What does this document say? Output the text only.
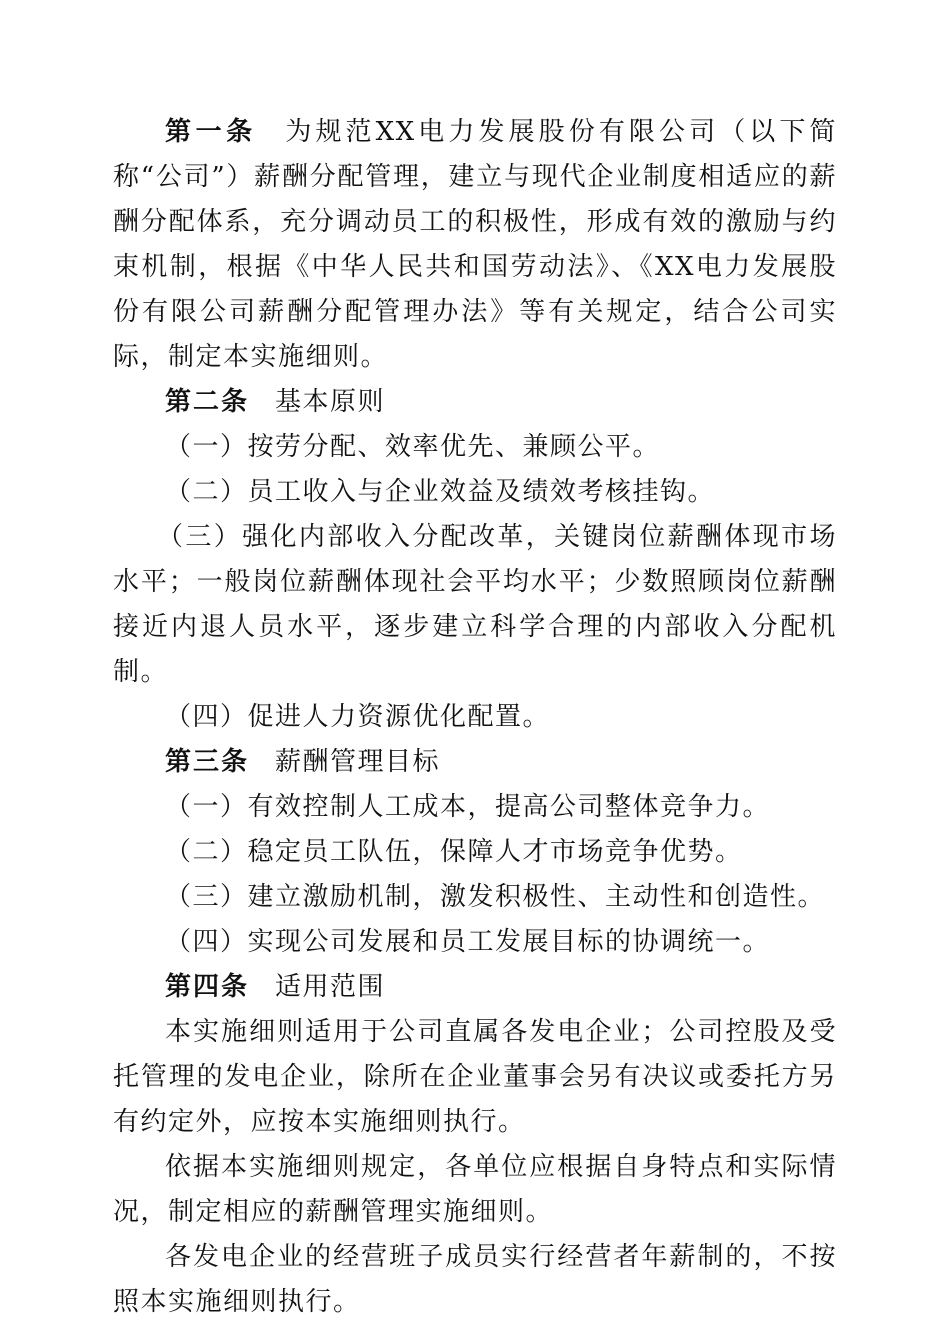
第一条 为规范XX电力发展股份有限公司（以下简称“公司”）薪酬分配管理，建立与现代企业制度相适应的薪酬分配体系，充分调动员工的积极性，形成有效的激励与约束机制，根据《中华人民共和国劳动法》、《XX电力发展股份有限公司薪酬分配管理办法》等有关规定，结合公司实际，制定本实施细则。

第二条 基本原则

（一）按劳分配、效率优先、兼顾公平。

（二）员工收入与企业效益及绩效考核挂钩。

（三）强化内部收入分配改革，关键岗位薪酬体现市场水平；一般岗位薪酬体现社会平均水平；少数照顾岗位薪酬接近内退人员水平，逐步建立科学合理的内部收入分配机制。

（四）促进人力资源优化配置。

第三条 薪酬管理目标

（一）有效控制人工成本，提高公司整体竞争力。

（二）稳定员工队伍，保障人才市场竞争优势。

（三）建立激励机制，激发积极性、主动性和创造性。

（四）实现公司发展和员工发展目标的协调统一。

第四条 适用范围

本实施细则适用于公司直属各发电企业；公司控股及受托管理的发电企业，除所在企业董事会另有决议或委托方另有约定外，应按本实施细则执行。

依据本实施细则规定，各单位应根据自身特点和实际情况，制定相应的薪酬管理实施细则。

各发电企业的经营班子成员实行经营者年薪制的，不按照本实施细则执行。
